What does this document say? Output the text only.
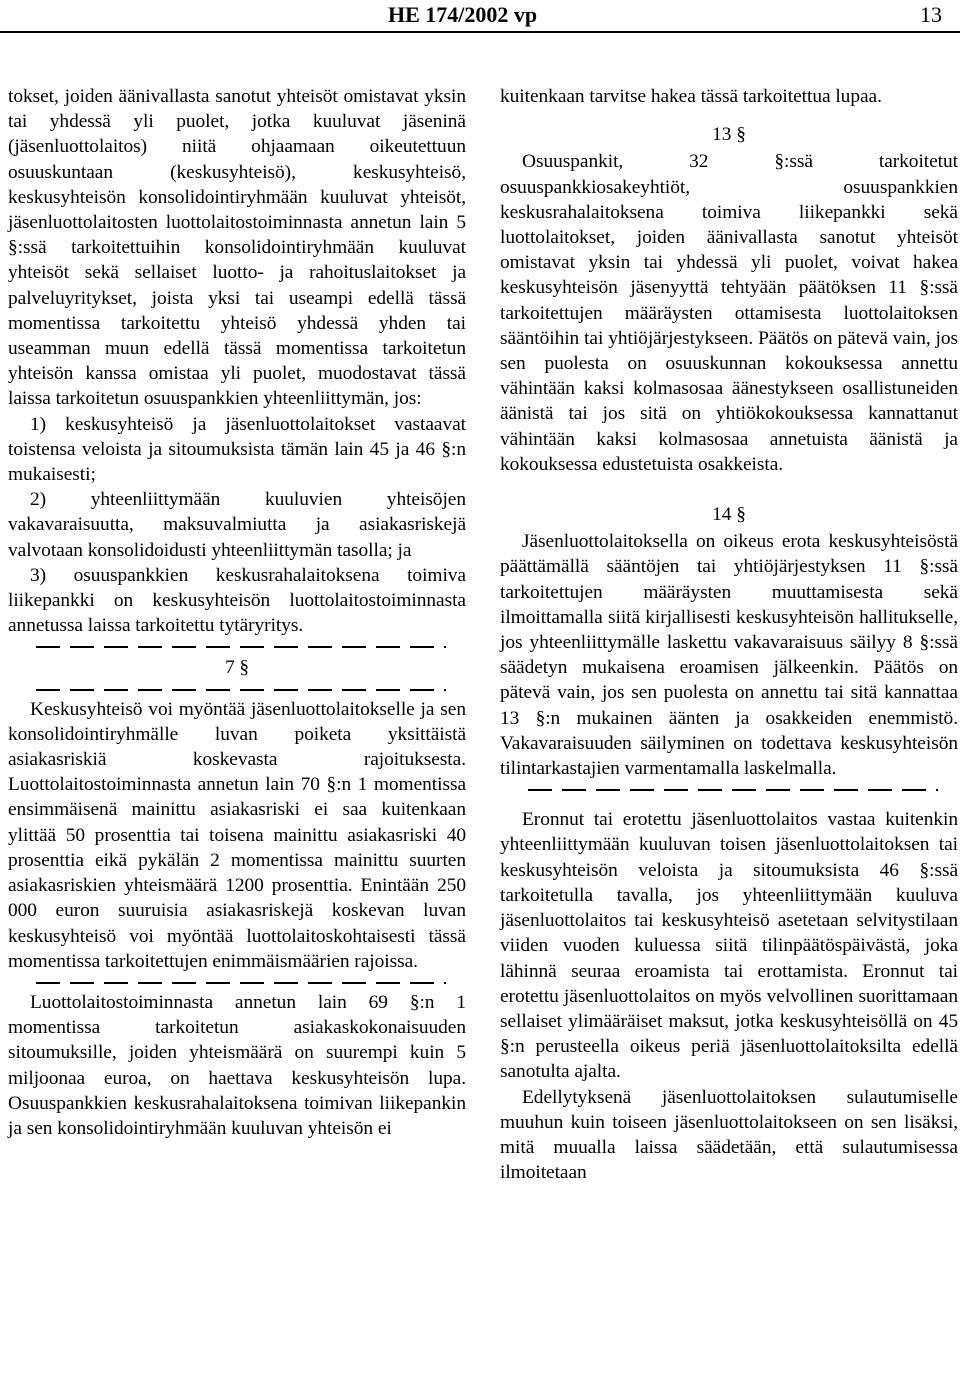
HE 174/2002 vp	13

tokset, joiden äänivallasta sanotut yhteisöt omistavat yksin tai yhdessä yli puolet, jotka kuuluvat jäseninä (jäsenluottolaitos) niitä ohjaamaan oikeutettuun osuuskuntaan (keskusyhteisö), keskusyhteisö, keskusyhteisön konsolidointiryhmään kuuluvat yhteisöt, jäsenluottolaitosten luottolaitostoiminnasta annetun lain 5 §:ssä tarkoitettuihin konsolidointiryhmään kuuluvat yhteisöt sekä sellaiset luotto- ja rahoituslaitokset ja palveluyritykset, joista yksi tai useampi edellä tässä momentissa tarkoitettu yhteisö yhdessä yhden tai useamman muun edellä tässä momentissa tarkoitetun yhteisön kanssa omistaa yli puolet, muodostavat tässä laissa tarkoitetun osuuspankkien yhteenliittymän, jos:

1) keskusyhteisö ja jäsenluottolaitokset vastaavat toistensa veloista ja sitoumuksista tämän lain 45 ja 46 §:n mukaisesti;

2) yhteenliittymään kuuluvien yhteisöjen vakavaraisuutta, maksuvalmiutta ja asiakasriskejä valvotaan konsolidoidusti yhteenliittymän tasolla; ja

3) osuuspankkien keskusrahalaitoksena toimiva liikepankki on keskusyhteisön luottolaitostoiminnasta annetussa laissa tarkoitettu tytäryritys.

7 §

Keskusyhteisö voi myöntää jäsenluottolaitokselle ja sen konsolidointiryhmälle luvan poiketa yksittäistä asiakasriskiä koskevasta rajoituksesta. Luottolaitostoiminnasta annetun lain 70 §:n 1 momentissa ensimmäisenä mainittu asiakasriski ei saa kuitenkaan ylittää 50 prosenttia tai toisena mainittu asiakasriski 40 prosenttia eikä pykälän 2 momentissa mainittu suurten asiakasriskien yhteismäärä 1200 prosenttia. Enintään 250 000 euron suuruisia asiakasriskejä koskevan luvan keskusyhteisö voi myöntää luottolaitoskohtaisesti tässä momentissa tarkoitettujen enimmäismäärien rajoissa.

Luottolaitostoiminnasta annetun lain 69 §:n 1 momentissa tarkoitetun asiakaskokonaisuuden sitoumuksille, joiden yhteismäärä on suurempi kuin 5 miljoonaa euroa, on haettava keskusyhteisön lupa. Osuuspankkien keskusrahalaitoksena toimivan liikepankin ja sen konsolidointiryhmään kuuluvan yhteisön ei

kuitenkaan tarvitse hakea tässä tarkoitettua lupaa.

13 §

Osuuspankit, 32 §:ssä tarkoitetut osuuspankkiosakeyhtiöt, osuuspankkien keskusrahalaitoksena toimiva liikepankki sekä luottolaitokset, joiden äänivallasta sanotut yhteisöt omistavat yksin tai yhdessä yli puolet, voivat hakea keskusyhteisön jäsenyyttä tehtyään päätöksen 11 §:ssä tarkoitettujen määräysten ottamisesta luottolaitoksen sääntöihin tai yhtiöjärjestykseen. Päätös on pätevä vain, jos sen puolesta on osuuskunnan kokouksessa annettu vähintään kaksi kolmasosaa äänestykseen osallistuneiden äänistä tai jos sitä on yhtiökokouksessa kannattanut vähintään kaksi kolmasosaa annetuista äänistä ja kokouksessa edustetuista osakkeista.

14 §

Jäsenluottolaitoksella on oikeus erota keskusyhteisöstä päättämällä sääntöjen tai yhtiöjärjestyksen 11 §:ssä tarkoitettujen määräysten muuttamisesta sekä ilmoittamalla siitä kirjallisesti keskusyhteisön hallitukselle, jos yhteenliittymälle laskettu vakavaraisuus säilyy 8 §:ssä säädetyn mukaisena eroamisen jälkeenkin. Päätös on pätevä vain, jos sen puolesta on annettu tai sitä kannattaa 13 §:n mukainen äänten ja osakkeiden enemmistö. Vakavaraisuuden säilyminen on todettava keskusyhteisön tilintarkastajien varmentamalla laskelmalla.

Eronnut tai erotettu jäsenluottolaitos vastaa kuitenkin yhteenliittymään kuuluvan toisen jäsenluottolaitoksen tai keskusyhteisön veloista ja sitoumuksista 46 §:ssä tarkoitetulla tavalla, jos yhteenliittymään kuuluva jäsenluottolaitos tai keskusyhteisö asetetaan selvitystilaan viiden vuoden kuluessa siitä tilinpäätöspäivästä, joka lähinnä seuraa eroamista tai erottamista. Eronnut tai erotettu jäsenluottolaitos on myös velvollinen suorittamaan sellaiset ylimääräiset maksut, jotka keskusyhteisöllä on 45 §:n perusteella oikeus periä jäsenluottolaitoksilta edellä sanotulta ajalta.

Edellytyksenä jäsenluottolaitoksen sulautumiselle muuhun kuin toiseen jäsenluottolaitokseen on sen lisäksi, mitä muualla laissa säädetään, että sulautumisessa ilmoitetaan
